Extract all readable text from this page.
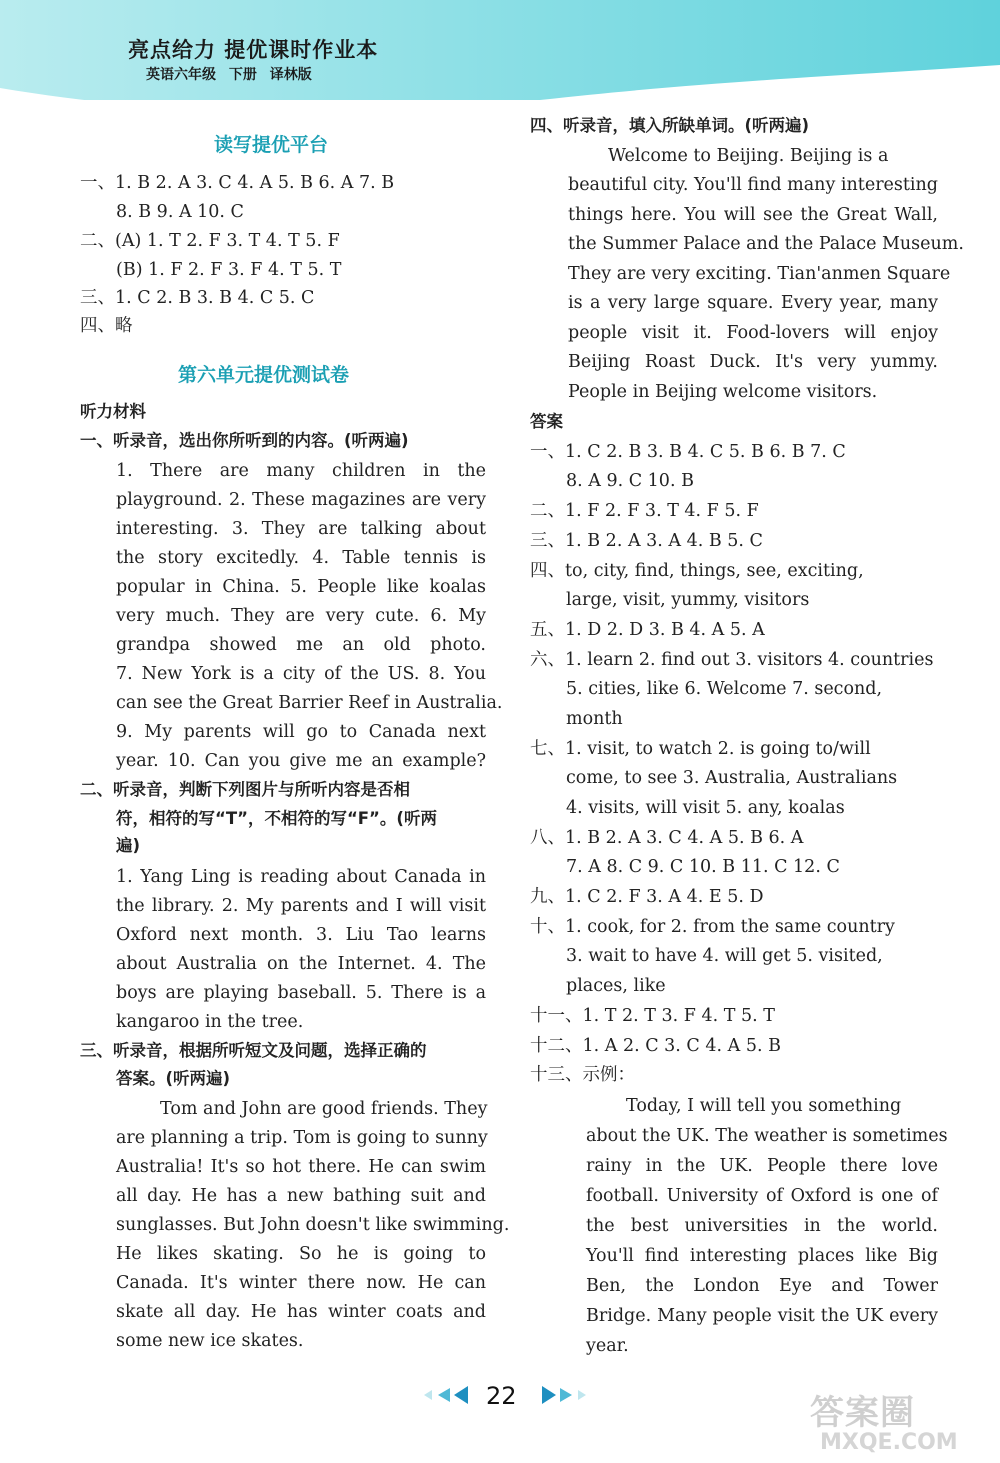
亮点给力 提优课时作业本
英语六年级 下册 译林版
读写提优平台
一、1. B 2. A 3. C 4. A 5. B 6. A 7. B
8. B 9. A 10. C
二、(A) 1. T 2. F 3. T 4. T 5. F
(B) 1. F 2. F 3. F 4. T 5. T
三、1. C 2. B 3. B 4. C 5. C
四、略
第六单元提优测试卷
听力材料
一、听录音，选出你所听到的内容。(听两遍)
1. There are many children in the
playground. 2. These magazines are very
interesting. 3. They are talking about
the story excitedly. 4. Table tennis is
popular in China. 5. People like koalas
very much. They are very cute. 6. My
grandpa showed me an old photo.
7. New York is a city of the US. 8. You
can see the Great Barrier Reef in Australia.
9. My parents will go to Canada next
year. 10. Can you give me an example?
二、听录音，判断下列图片与所听内容是否相
符，相符的写“T”，不相符的写“F”。(听两
遍)
1. Yang Ling is reading about Canada in
the library. 2. My parents and I will visit
Oxford next month. 3. Liu Tao learns
about Australia on the Internet. 4. The
boys are playing baseball. 5. There is a
kangaroo in the tree.
三、听录音，根据所听短文及问题，选择正确的
答案。(听两遍)
Tom and John are good friends. They
are planning a trip. Tom is going to sunny
Australia! It's so hot there. He can swim
all day. He has a new bathing suit and
sunglasses. But John doesn't like swimming.
He likes skating. So he is going to
Canada. It's winter there now. He can
skate all day. He has winter coats and
some new ice skates.
四、听录音，填入所缺单词。(听两遍)
Welcome to Beijing. Beijing is a
beautiful city. You'll find many interesting
things here. You will see the Great Wall,
the Summer Palace and the Palace Museum.
They are very exciting. Tian'anmen Square
is a very large square. Every year, many
people visit it. Food-lovers will enjoy
Beijing Roast Duck. It's very yummy.
People in Beijing welcome visitors.
答案
一、1. C 2. B 3. B 4. C 5. B 6. B 7. C
8. A 9. C 10. B
二、1. F 2. F 3. T 4. F 5. F
三、1. B 2. A 3. A 4. B 5. C
四、to, city, find, things, see, exciting,
large, visit, yummy, visitors
五、1. D 2. D 3. B 4. A 5. A
六、1. learn 2. find out 3. visitors 4. countries
5. cities, like 6. Welcome 7. second,
month
七、1. visit, to watch 2. is going to/will
come, to see 3. Australia, Australians
4. visits, will visit 5. any, koalas
八、1. B 2. A 3. C 4. A 5. B 6. A
7. A 8. C 9. C 10. B 11. C 12. C
九、1. C 2. F 3. A 4. E 5. D
十、1. cook, for 2. from the same country
3. wait to have 4. will get 5. visited,
places, like
十一、1. T 2. T 3. F 4. T 5. T
十二、1. A 2. C 3. C 4. A 5. B
十三、示例：
Today, I will tell you something
about the UK. The weather is sometimes
rainy in the UK. People there love
football. University of Oxford is one of
the best universities in the world.
You'll find interesting places like Big
Ben, the London Eye and Tower
Bridge. Many people visit the UK every
year.
22	答案圈
MXQE.COM
